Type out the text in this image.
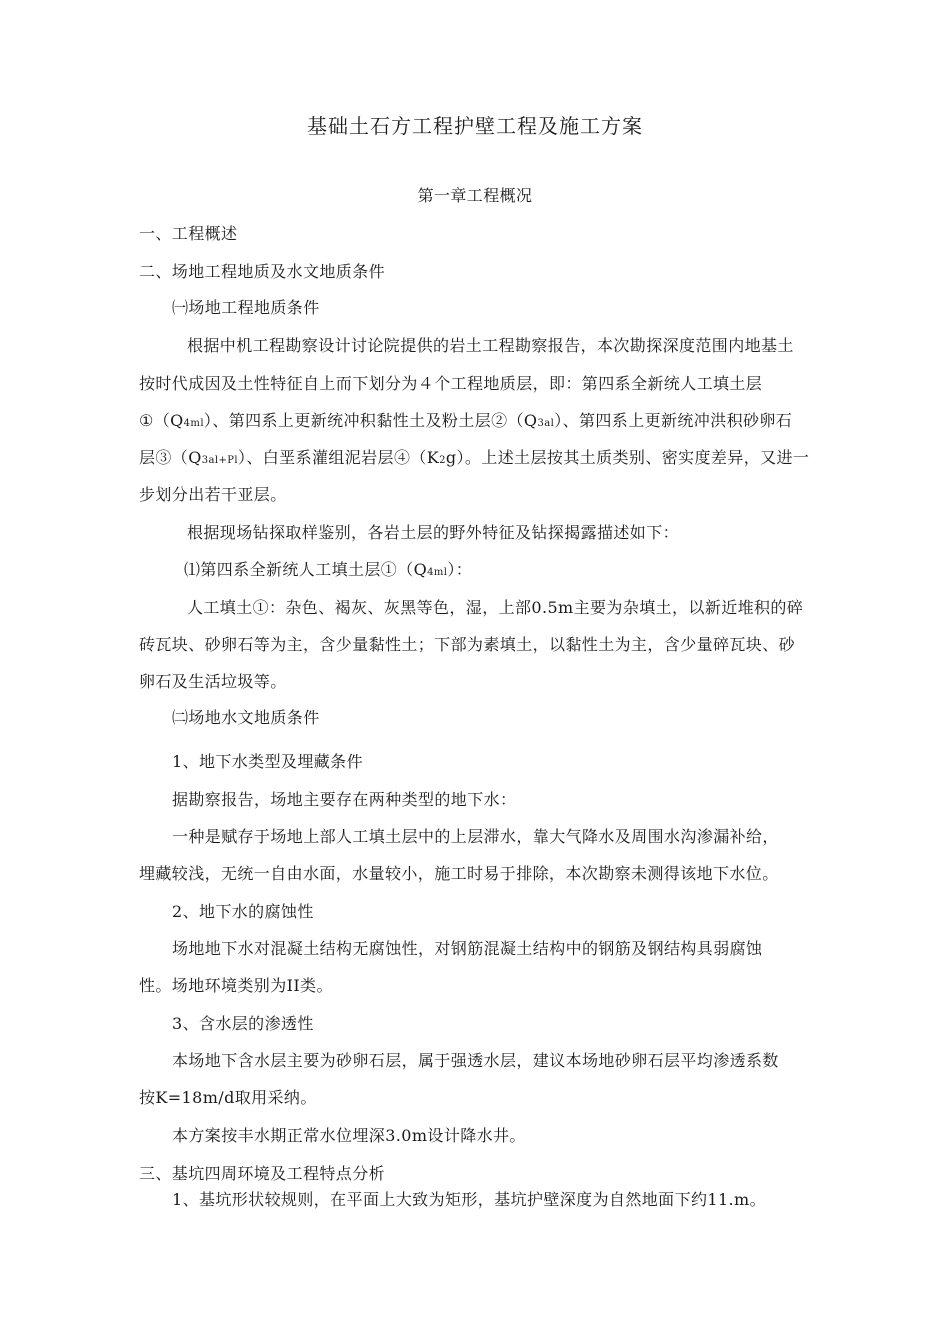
基础土石方工程护壁工程及施工方案
第一章工程概况
一、工程概述
二、场地工程地质及水文地质条件
㈠场地工程地质条件
根据中机工程勘察设计讨论院提供的岩土工程勘察报告，本次勘探深度范围内地基土
按时代成因及土性特征自上而下划分为４个工程地质层，即：第四系全新统人工填土层
①（Q4ml）、第四系上更新统冲积黏性土及粉土层②（Q3al）、第四系上更新统冲洪积砂卵石
层③（Q3al+Pl）、白垩系灌组泥岩层④（K2g）。上述土层按其土质类别、密实度差异，又进一
步划分出若干亚层。
根据现场钻探取样鉴别，各岩土层的野外特征及钻探揭露描述如下：
⑴第四系全新统人工填土层①（Q4ml）：
人工填土①：杂色、褐灰、灰黑等色，湿，上部0.5m主要为杂填土，以新近堆积的碎
砖瓦块、砂卵石等为主，含少量黏性土；下部为素填土，以黏性土为主，含少量碎瓦块、砂
卵石及生活垃圾等。
㈡场地水文地质条件
1、地下水类型及埋藏条件
据勘察报告，场地主要存在两种类型的地下水：
一种是赋存于场地上部人工填土层中的上层滞水，靠大气降水及周围水沟渗漏补给，
埋藏较浅，无统一自由水面，水量较小，施工时易于排除，本次勘察未测得该地下水位。
2、地下水的腐蚀性
场地地下水对混凝土结构无腐蚀性，对钢筋混凝土结构中的钢筋及钢结构具弱腐蚀
性。场地环境类别为II类。
3、含水层的渗透性
本场地下含水层主要为砂卵石层，属于强透水层，建议本场地砂卵石层平均渗透系数
按K=18m/d取用采纳。
本方案按丰水期正常水位埋深3.0m设计降水井。
三、基坑四周环境及工程特点分析
1、基坑形状较规则，在平面上大致为矩形，基坑护壁深度为自然地面下约11.m。
